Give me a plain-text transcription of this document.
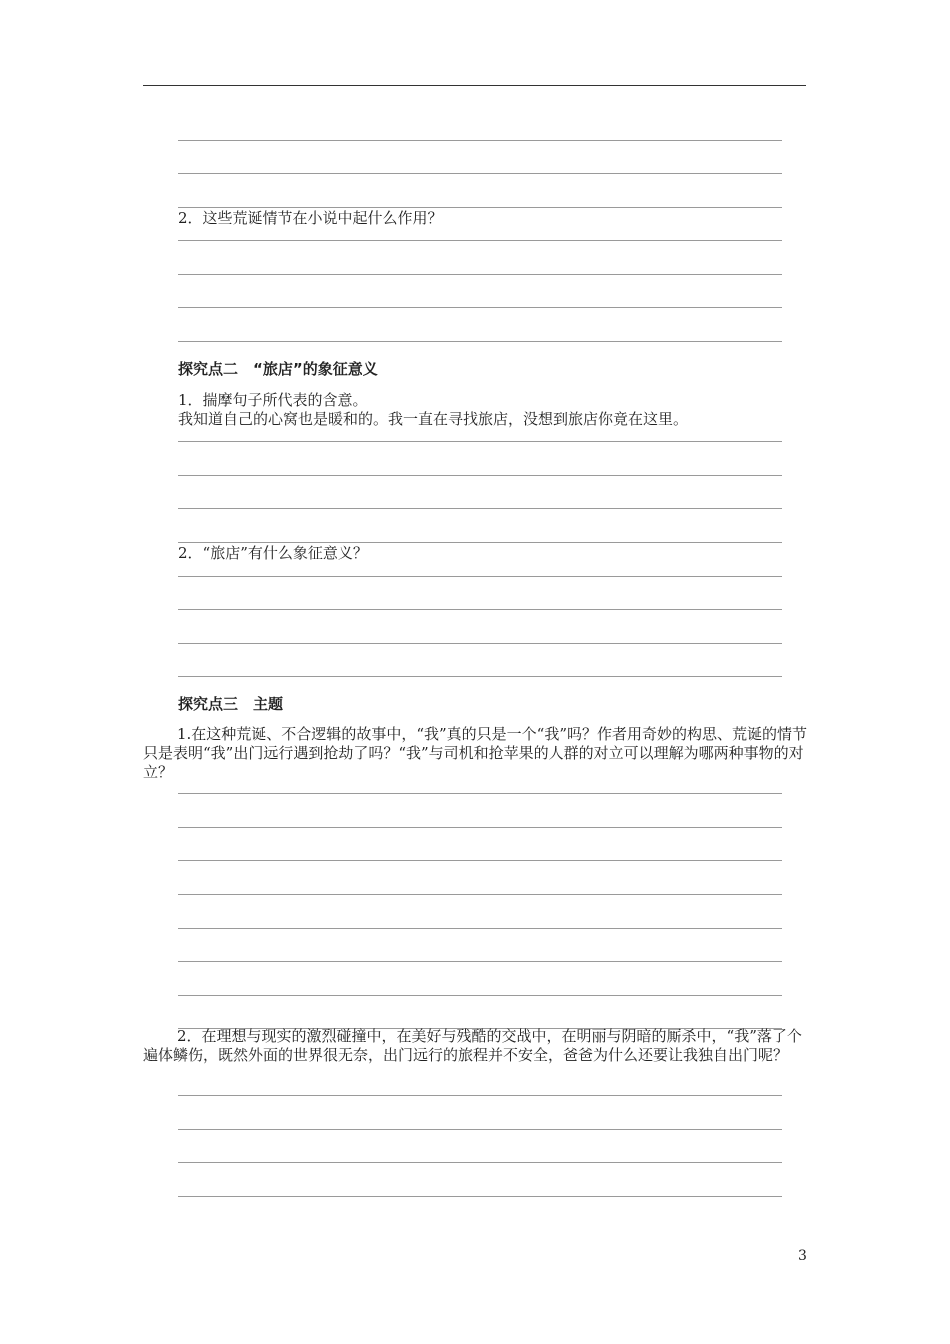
2．这些荒诞情节在小说中起什么作用？
探究点二　“旅店”的象征意义
1．揣摩句子所代表的含意。
我知道自己的心窝也是暖和的。我一直在寻找旅店，没想到旅店你竟在这里。
2．“旅店”有什么象征意义？
探究点三　主题
1.在这种荒诞、不合逻辑的故事中，“我”真的只是一个“我”吗？作者用奇妙的构思、荒诞的情节只是表明“我”出门远行遇到抢劫了吗？“我”与司机和抢苹果的人群的对立可以理解为哪两种事物的对立？
2．在理想与现实的激烈碰撞中，在美好与残酷的交战中，在明丽与阴暗的厮杀中，“我”落了个遍体鳞伤，既然外面的世界很无奈，出门远行的旅程并不安全，爸爸为什么还要让我独自出门呢？
3
